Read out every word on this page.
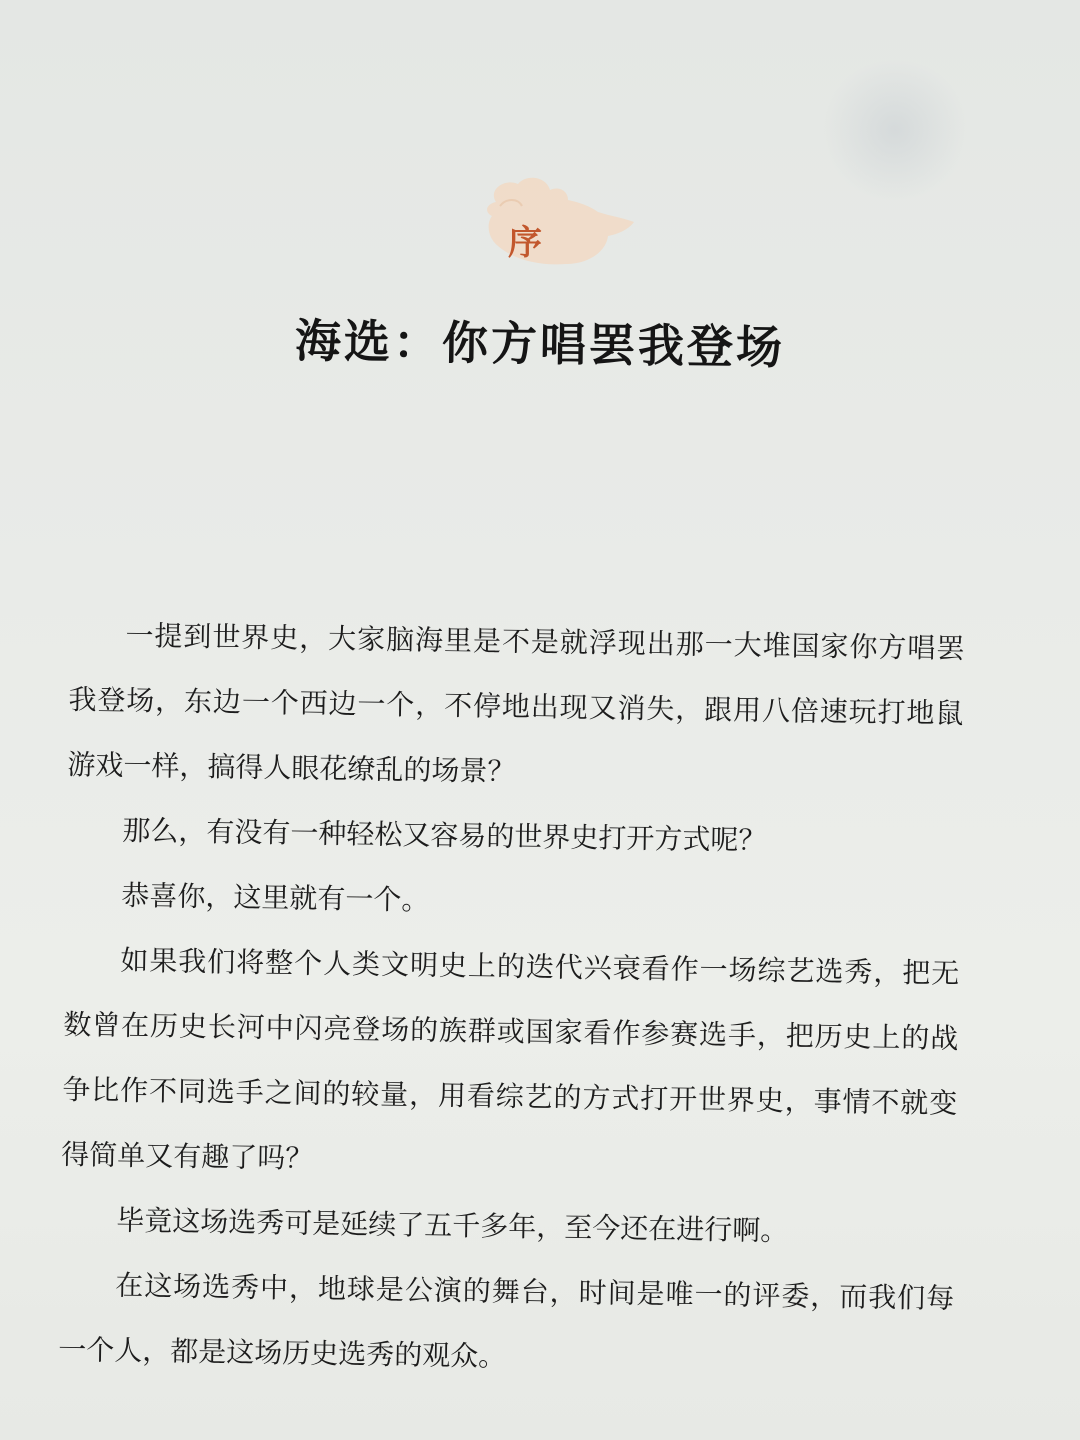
序
海选：你方唱罢我登场

一提到世界史，大家脑海里是不是就浮现出那一大堆国家你方唱罢我登场，东边一个西边一个，不停地出现又消失，跟用八倍速玩打地鼠游戏一样，搞得人眼花缭乱的场景？

那么，有没有一种轻松又容易的世界史打开方式呢？

恭喜你，这里就有一个。

如果我们将整个人类文明史上的迭代兴衰看作一场综艺选秀，把无数曾在历史长河中闪亮登场的族群或国家看作参赛选手，把历史上的战争比作不同选手之间的较量，用看综艺的方式打开世界史，事情不就变得简单又有趣了吗？

毕竟这场选秀可是延续了五千多年，至今还在进行啊。

在这场选秀中，地球是公演的舞台，时间是唯一的评委，而我们每一个人，都是这场历史选秀的观众。
